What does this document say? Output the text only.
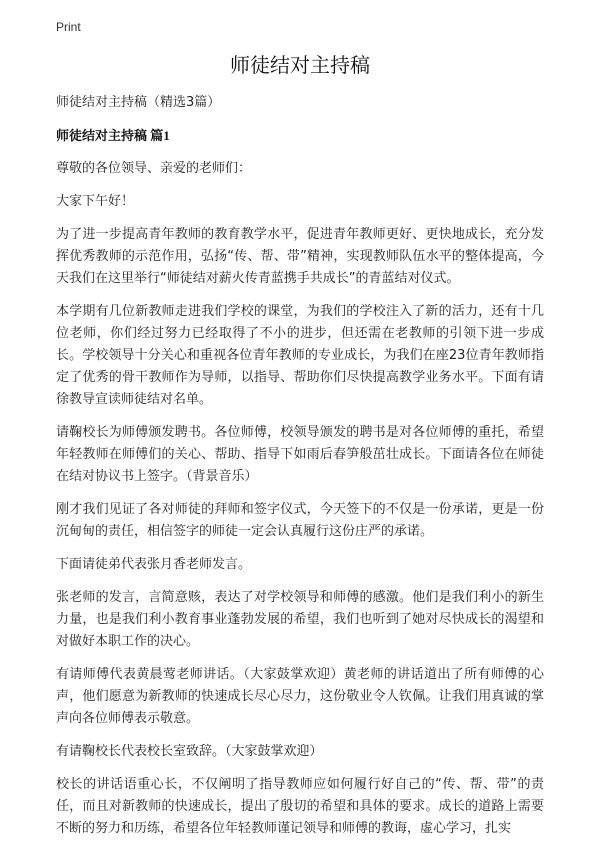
Print
师徒结对主持稿

师徒结对主持稿（精选3篇）

师徒结对主持稿 篇1

尊敬的各位领导、亲爱的老师们：

大家下午好！

为了进一步提高青年教师的教育教学水平，促进青年教师更好、更快地成长，充分发挥优秀教师的示范作用，弘扬“传、帮、带”精神，实现教师队伍水平的整体提高，今天我们在这里举行“师徒结对薪火传青蓝携手共成长”的青蓝结对仪式。

本学期有几位新教师走进我们学校的课堂，为我们的学校注入了新的活力，还有十几位老师，你们经过努力已经取得了不小的进步，但还需在老教师的引领下进一步成长。学校领导十分关心和重视各位青年教师的专业成长，为我们在座23位青年教师指定了优秀的骨干教师作为导师，以指导、帮助你们尽快提高教学业务水平。下面有请徐教导宣读师徒结对名单。

请鞠校长为师傅颁发聘书。各位师傅，校领导颁发的聘书是对各位师傅的重托，希望年轻教师在师傅们的关心、帮助、指导下如雨后春笋般茁壮成长。下面请各位在师徒在结对协议书上签字。（背景音乐）

刚才我们见证了各对师徒的拜师和签字仪式，今天签下的不仅是一份承诺，更是一份沉甸甸的责任，相信签字的师徒一定会认真履行这份庄严的承诺。

下面请徒弟代表张月香老师发言。

张老师的发言，言简意赅，表达了对学校领导和师傅的感激。他们是我们利小的新生力量，也是我们利小教育事业蓬勃发展的希望，我们也听到了她对尽快成长的渴望和对做好本职工作的决心。

有请师傅代表黄晨莺老师讲话。（大家鼓掌欢迎）黄老师的讲话道出了所有师傅的心声，他们愿意为新教师的快速成长尽心尽力，这份敬业令人钦佩。让我们用真诚的掌声向各位师傅表示敬意。

有请鞠校长代表校长室致辞。（大家鼓掌欢迎）

校长的讲话语重心长，不仅阐明了指导教师应如何履行好自己的“传、帮、带”的责任，而且对新教师的快速成长，提出了殷切的希望和具体的要求。成长的道路上需要不断的努力和历练，希望各位年轻教师谨记领导和师傅的教诲，虚心学习，扎实
